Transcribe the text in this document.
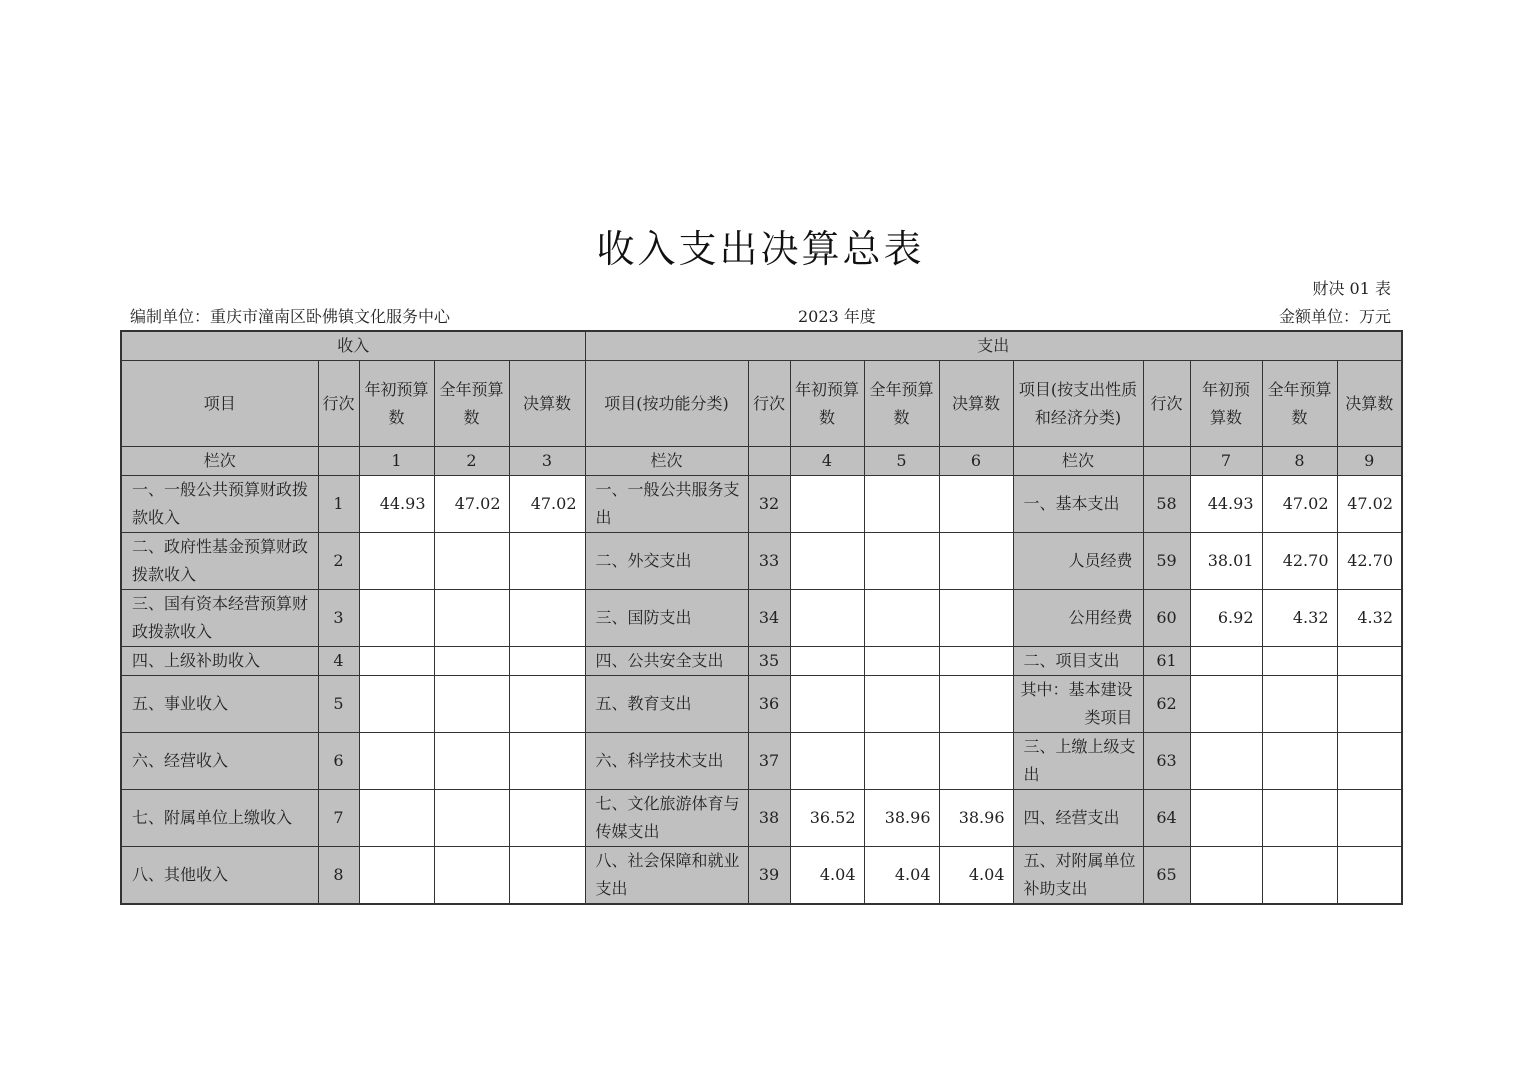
收入支出决算总表
财决 01 表
编制单位：重庆市潼南区卧佛镇文化服务中心	2023 年度	金额单位：万元
收入					支出									
项目	行次	年初预算数	全年预算数	决算数	项目(按功能分类)	行次	年初预算数	全年预算数	决算数	项目(按支出性质和经济分类)	行次	年初预算数	全年预算数	决算数
栏次		1	2	3	栏次		4	5	6	栏次		7	8	9
一、一般公共预算财政拨款收入	1	44.93	47.02	47.02	一、一般公共服务支出	32				一、基本支出	58	44.93	47.02	47.02
二、政府性基金预算财政拨款收入	2				二、外交支出	33				人员经费	59	38.01	42.70	42.70
三、国有资本经营预算财政拨款收入	3				三、国防支出	34				公用经费	60	6.92	4.32	4.32
四、上级补助收入	4				四、公共安全支出	35				二、项目支出	61			
五、事业收入	5				五、教育支出	36				其中：基本建设类项目	62			
六、经营收入	6				六、科学技术支出	37				三、上缴上级支出	63			
七、附属单位上缴收入	7				七、文化旅游体育与传媒支出	38	36.52	38.96	38.96	四、经营支出	64			
八、其他收入	8				八、社会保障和就业支出	39	4.04	4.04	4.04	五、对附属单位补助支出	65			
